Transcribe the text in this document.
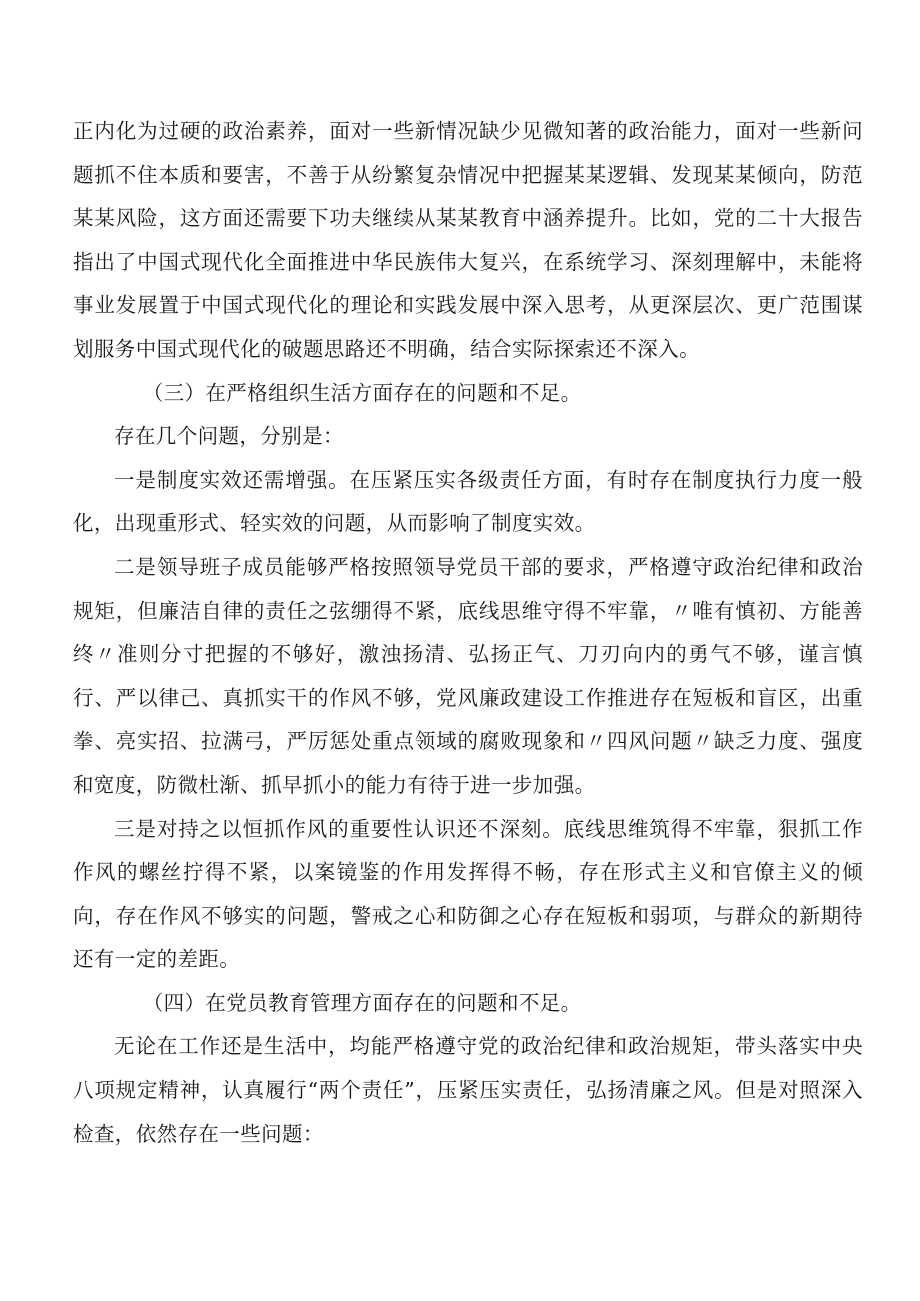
正内化为过硬的政治素养，面对一些新情况缺少见微知著的政治能力，面对一些新问题抓不住本质和要害，不善于从纷繁复杂情况中把握某某逻辑、发现某某倾向，防范某某风险，这方面还需要下功夫继续从某某教育中涵养提升。比如，党的二十大报告指出了中国式现代化全面推进中华民族伟大复兴，在系统学习、深刻理解中，未能将事业发展置于中国式现代化的理论和实践发展中深入思考，从更深层次、更广范围谋划服务中国式现代化的破题思路还不明确，结合实际探索还不深入。

（三）在严格组织生活方面存在的问题和不足。

存在几个问题，分别是：

一是制度实效还需增强。在压紧压实各级责任方面，有时存在制度执行力度一般化，出现重形式、轻实效的问题，从而影响了制度实效。

二是领导班子成员能够严格按照领导党员干部的要求，严格遵守政治纪律和政治规矩，但廉洁自律的责任之弦绷得不紧，底线思维守得不牢靠，〃唯有慎初、方能善终〃准则分寸把握的不够好，激浊扬清、弘扬正气、刀刃向内的勇气不够，谨言慎行、严以律己、真抓实干的作风不够，党风廉政建设工作推进存在短板和盲区，出重拳、亮实招、拉满弓，严厉惩处重点领域的腐败现象和〃四风问题〃缺乏力度、强度和宽度，防微杜渐、抓早抓小的能力有待于进一步加强。

三是对持之以恒抓作风的重要性认识还不深刻。底线思维筑得不牢靠，狠抓工作作风的螺丝拧得不紧，以案镜鉴的作用发挥得不畅，存在形式主义和官僚主义的倾向，存在作风不够实的问题，警戒之心和防御之心存在短板和弱项，与群众的新期待还有一定的差距。

（四）在党员教育管理方面存在的问题和不足。

无论在工作还是生活中，均能严格遵守党的政治纪律和政治规矩，带头落实中央八项规定精神，认真履行“两个责任”，压紧压实责任，弘扬清廉之风。但是对照深入检查，依然存在一些问题：
